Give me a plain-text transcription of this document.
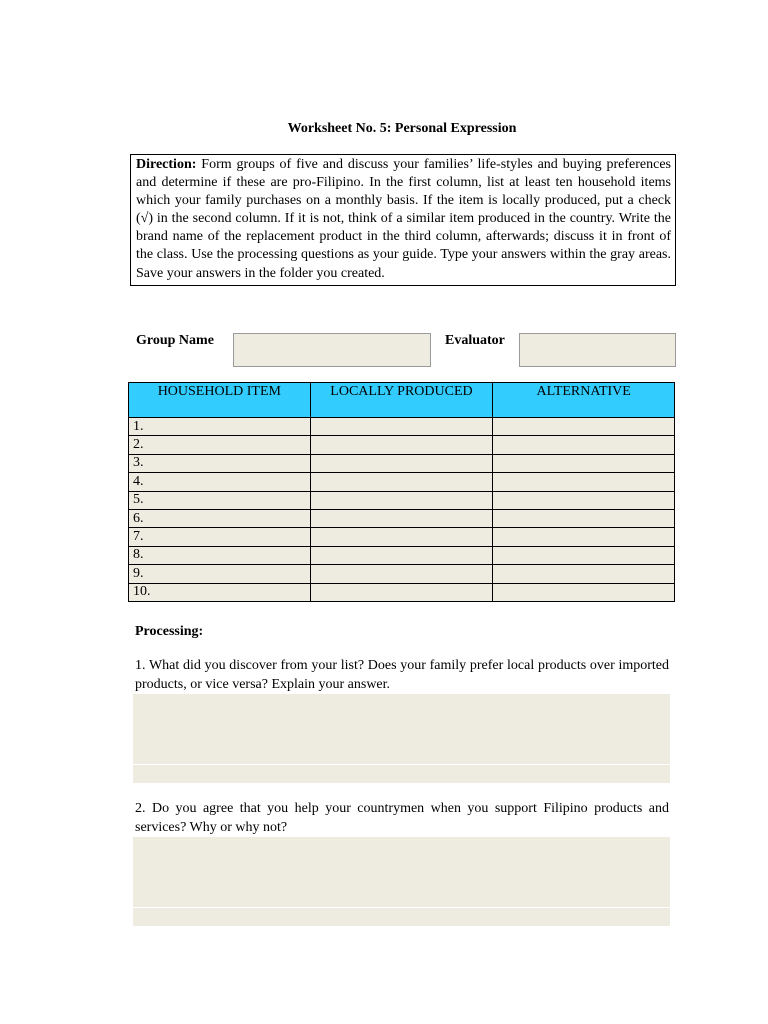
Worksheet No. 5: Personal Expression
Direction: Form groups of five and discuss your families’ life-styles and buying preferences and determine if these are pro-Filipino. In the first column, list at least ten household items which your family purchases on a monthly basis. If the item is locally produced, put a check (√) in the second column. If it is not, think of a similar item produced in the country. Write the brand name of the replacement product in the third column, afterwards; discuss it in front of the class. Use the processing questions as your guide. Type your answers within the gray areas. Save your answers in the folder you created.
Group Name	Evaluator
HOUSEHOLD ITEM	LOCALLY PRODUCED	ALTERNATIVE
1.		
2.		
3.		
4.		
5.		
6.		
7.		
8.		
9.		
10.		
Processing:
1. What did you discover from your list? Does your family prefer local products over imported products, or vice versa? Explain your answer.
2. Do you agree that you help your countrymen when you support Filipino products and services? Why or why not?
